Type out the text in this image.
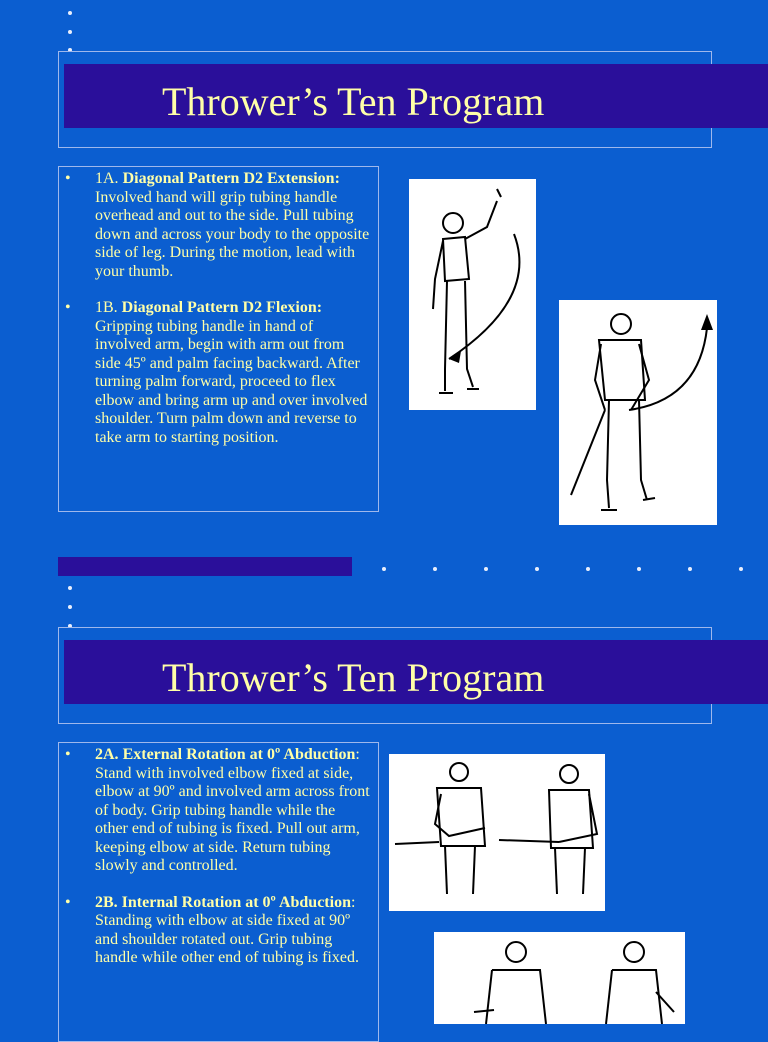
Thrower’s Ten Program
• 1A. Diagonal Pattern D2 Extension: Involved hand will grip tubing handle overhead and out to the side. Pull tubing down and across your body to the opposite side of leg. During the motion, lead with your thumb.
• 1B. Diagonal Pattern D2 Flexion: Gripping tubing handle in hand of involved arm, begin with arm out from side 45º and palm facing backward. After turning palm forward, proceed to flex elbow and bring arm up and over involved shoulder. Turn palm down and reverse to take arm to starting position.
Thrower’s Ten Program
• 2A. External Rotation at 0º Abduction: Stand with involved elbow fixed at side, elbow at 90º and involved arm across front of body. Grip tubing handle while the other end of tubing is fixed. Pull out arm, keeping elbow at side. Return tubing slowly and controlled.
• 2B. Internal Rotation at 0º Abduction: Standing with elbow at side fixed at 90º and shoulder rotated out. Grip tubing handle while other end of tubing is fixed.
